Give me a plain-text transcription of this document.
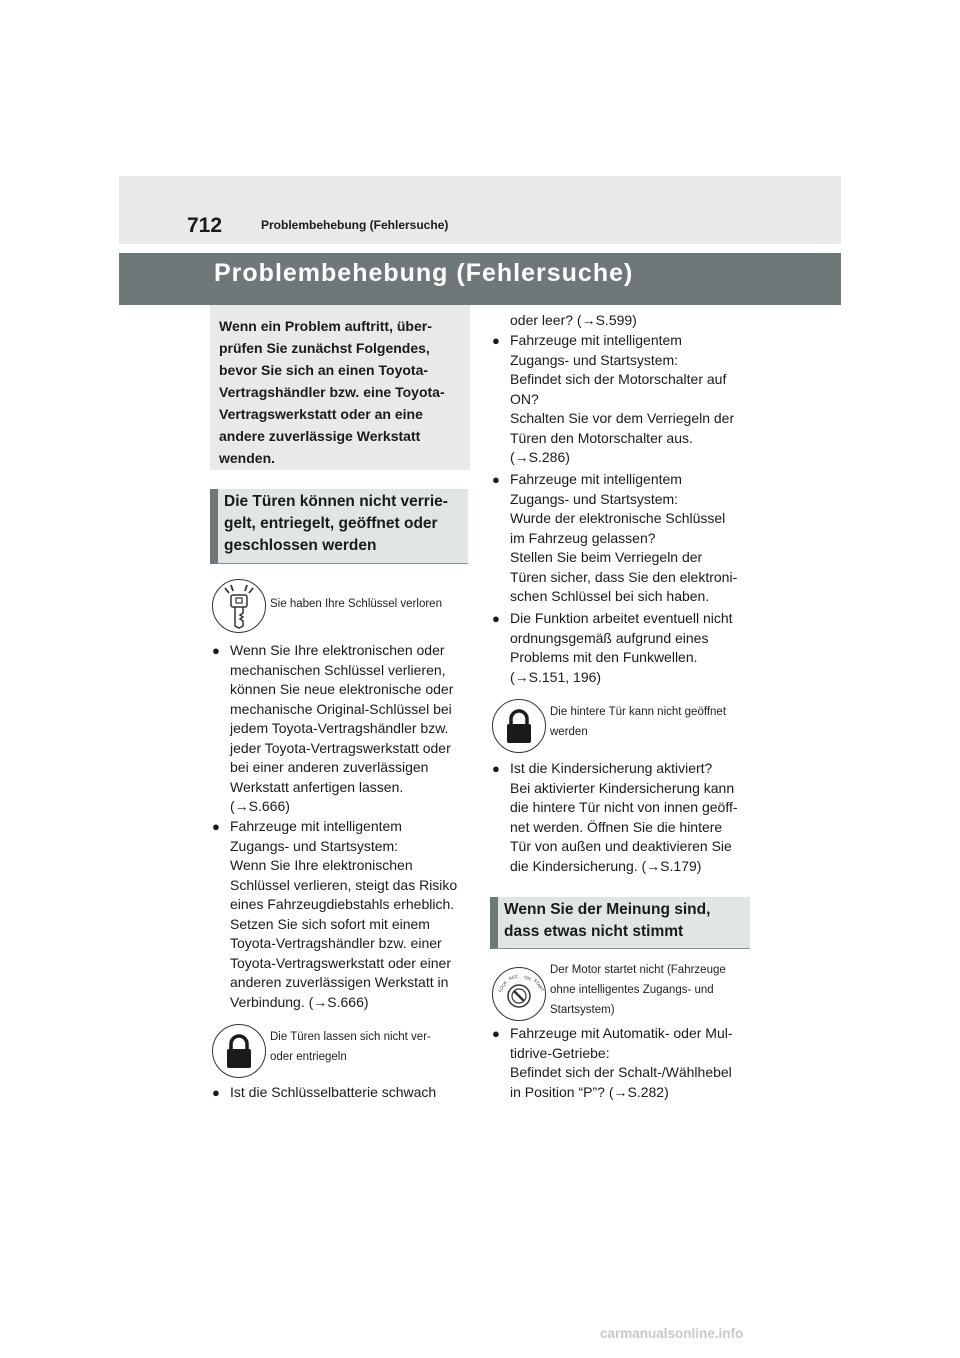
712	Problembehebung (Fehlersuche)
Problembehebung (Fehlersuche)
Wenn ein Problem auftritt, über-
prüfen Sie zunächst Folgendes,
bevor Sie sich an einen Toyota-
Vertragshändler bzw. eine Toyota-
Vertragswerkstatt oder an eine
andere zuverlässige Werkstatt
wenden.
Die Türen können nicht verrie-
gelt, entriegelt, geöffnet oder
geschlossen werden
Sie haben Ihre Schlüssel verloren
● Wenn Sie Ihre elektronischen oder
mechanischen Schlüssel verlieren,
können Sie neue elektronische oder
mechanische Original-Schlüssel bei
jedem Toyota-Vertragshändler bzw.
jeder Toyota-Vertragswerkstatt oder
bei einer anderen zuverlässigen
Werkstatt anfertigen lassen.
(→S.666)
● Fahrzeuge mit intelligentem
Zugangs- und Startsystem:
Wenn Sie Ihre elektronischen
Schlüssel verlieren, steigt das Risiko
eines Fahrzeugdiebstahls erheblich.
Setzen Sie sich sofort mit einem
Toyota-Vertragshändler bzw. einer
Toyota-Vertragswerkstatt oder einer
anderen zuverlässigen Werkstatt in
Verbindung. (→S.666)
Die Türen lassen sich nicht ver-
oder entriegeln
● Ist die Schlüsselbatterie schwach
oder leer? (→S.599)
● Fahrzeuge mit intelligentem
Zugangs- und Startsystem:
Befindet sich der Motorschalter auf
ON?
Schalten Sie vor dem Verriegeln der
Türen den Motorschalter aus.
(→S.286)
● Fahrzeuge mit intelligentem
Zugangs- und Startsystem:
Wurde der elektronische Schlüssel
im Fahrzeug gelassen?
Stellen Sie beim Verriegeln der
Türen sicher, dass Sie den elektroni-
schen Schlüssel bei sich haben.
● Die Funktion arbeitet eventuell nicht
ordnungsgemäß aufgrund eines
Problems mit den Funkwellen.
(→S.151, 196)
Die hintere Tür kann nicht geöffnet
werden
● Ist die Kindersicherung aktiviert?
Bei aktivierter Kindersicherung kann
die hintere Tür nicht von innen geöff-
net werden. Öffnen Sie die hintere
Tür von außen und deaktivieren Sie
die Kindersicherung. (→S.179)
Wenn Sie der Meinung sind,
dass etwas nicht stimmt
LOCK
ACC ON START
Der Motor startet nicht (Fahrzeuge
ohne intelligentes Zugangs- und
Startsystem)
● Fahrzeuge mit Automatik- oder Mul-
tidrive-Getriebe:
Befindet sich der Schalt-/Wählhebel
in Position “P”? (→S.282)
carmanualsonline.info
